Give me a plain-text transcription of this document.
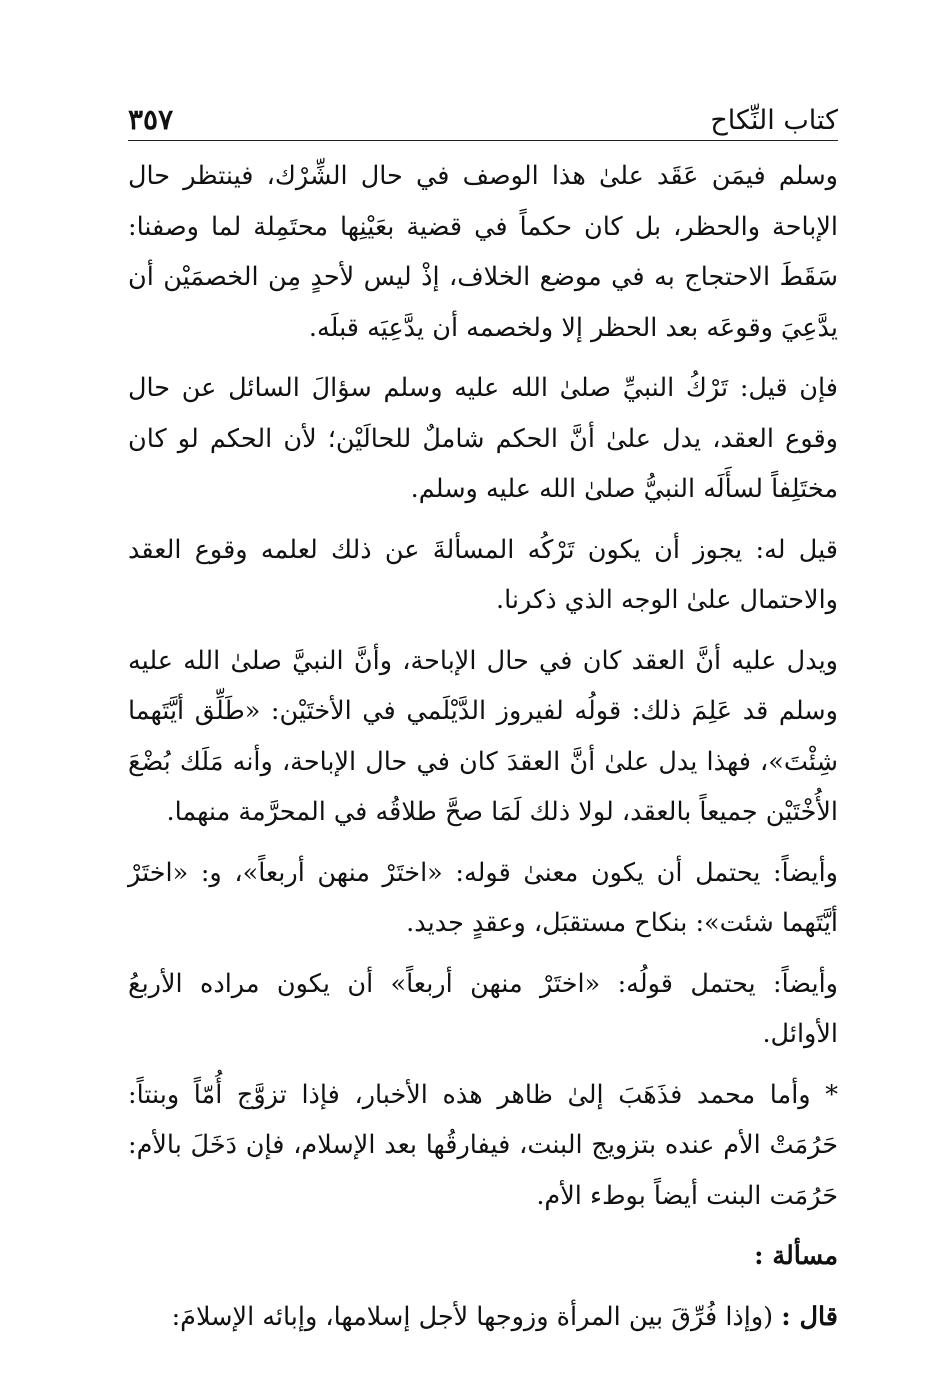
كتاب النِّكاح
٣٥٧

وسلم فيمَن عَقَد علىٰ هذا الوصف في حال الشِّرْك، فينتظر حال الإباحة والحظر، بل كان حكماً في قضية بعَيْنِها محتَمِلة لما وصفنا: سَقَطَ الاحتجاج به في موضع الخلاف، إذْ ليس لأحدٍ مِن الخصمَيْن أن يدَّعِيَ وقوعَه بعد الحظر إلا ولخصمه أن يدَّعِيَه قبلَه.

فإن قيل: تَرْكُ النبيِّ صلىٰ الله عليه وسلم سؤالَ السائل عن حال وقوع العقد، يدل علىٰ أنَّ الحكم شاملٌ للحالَيْن؛ لأن الحكم لو كان مختَلِفاً لسأَلَه النبيُّ صلىٰ الله عليه وسلم.

قيل له: يجوز أن يكون تَرْكُه المسألةَ عن ذلك لعلمه وقوع العقد والاحتمال علىٰ الوجه الذي ذكرنا.

ويدل عليه أنَّ العقد كان في حال الإباحة، وأنَّ النبيَّ صلىٰ الله عليه وسلم قد عَلِمَ ذلك: قولُه لفيروز الدَّيْلَمي في الأختَيْن: «طَلِّق أيَّتَهما شِئْتَ»، فهذا يدل علىٰ أنَّ العقدَ كان في حال الإباحة، وأنه مَلَك بُضْعَ الأُخْتَيْن جميعاً بالعقد، لولا ذلك لَمَا صحَّ طلاقُه في المحرَّمة منهما.

وأيضاً: يحتمل أن يكون معنىٰ قوله: «اختَرْ منهن أربعاً»، و: «اختَرْ أيَّتَهما شئت»: بنكاح مستقبَل، وعقدٍ جديد.

وأيضاً: يحتمل قولُه: «اختَرْ منهن أربعاً» أن يكون مراده الأربعُ الأوائل.

* وأما محمد فذَهَبَ إلىٰ ظاهر هذه الأخبار، فإذا تزوَّج أُمّاً وبنتاً: حَرُمَتْ الأم عنده بتزويج البنت، فيفارقُها بعد الإسلام، فإن دَخَلَ بالأم: حَرُمَت البنت أيضاً بوطء الأم.

مسألة :

قال : (وإذا فُرِّقَ بين المرأة وزوجها لأجل إسلامها، وإبائه الإسلامَ:
